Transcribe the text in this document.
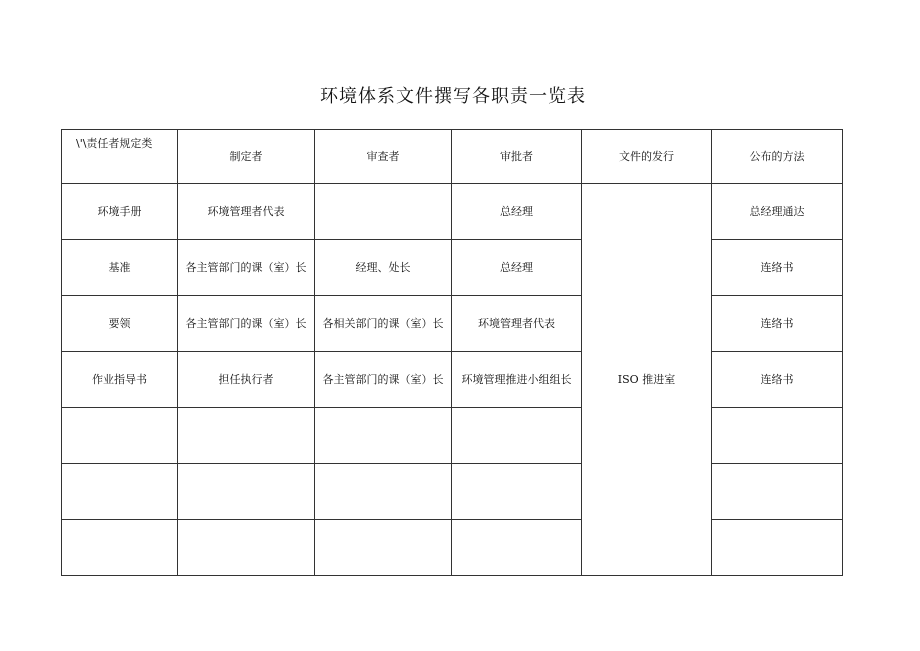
环境体系文件撰写各职责一览表
\'\责任者规定类	制定者	审查者	审批者	文件的发行	公布的方法
环境手册	环境管理者代表		总经理	ISO 推进室	总经理通达
基准	各主管部门的课（室）长	经理、处长	总经理		连络书
要领	各主管部门的课（室）长	各相关部门的课（室）长	环境管理者代表		连络书
作业指导书	担任执行者	各主管部门的课（室）长	环境管理推进小组组长		连络书
